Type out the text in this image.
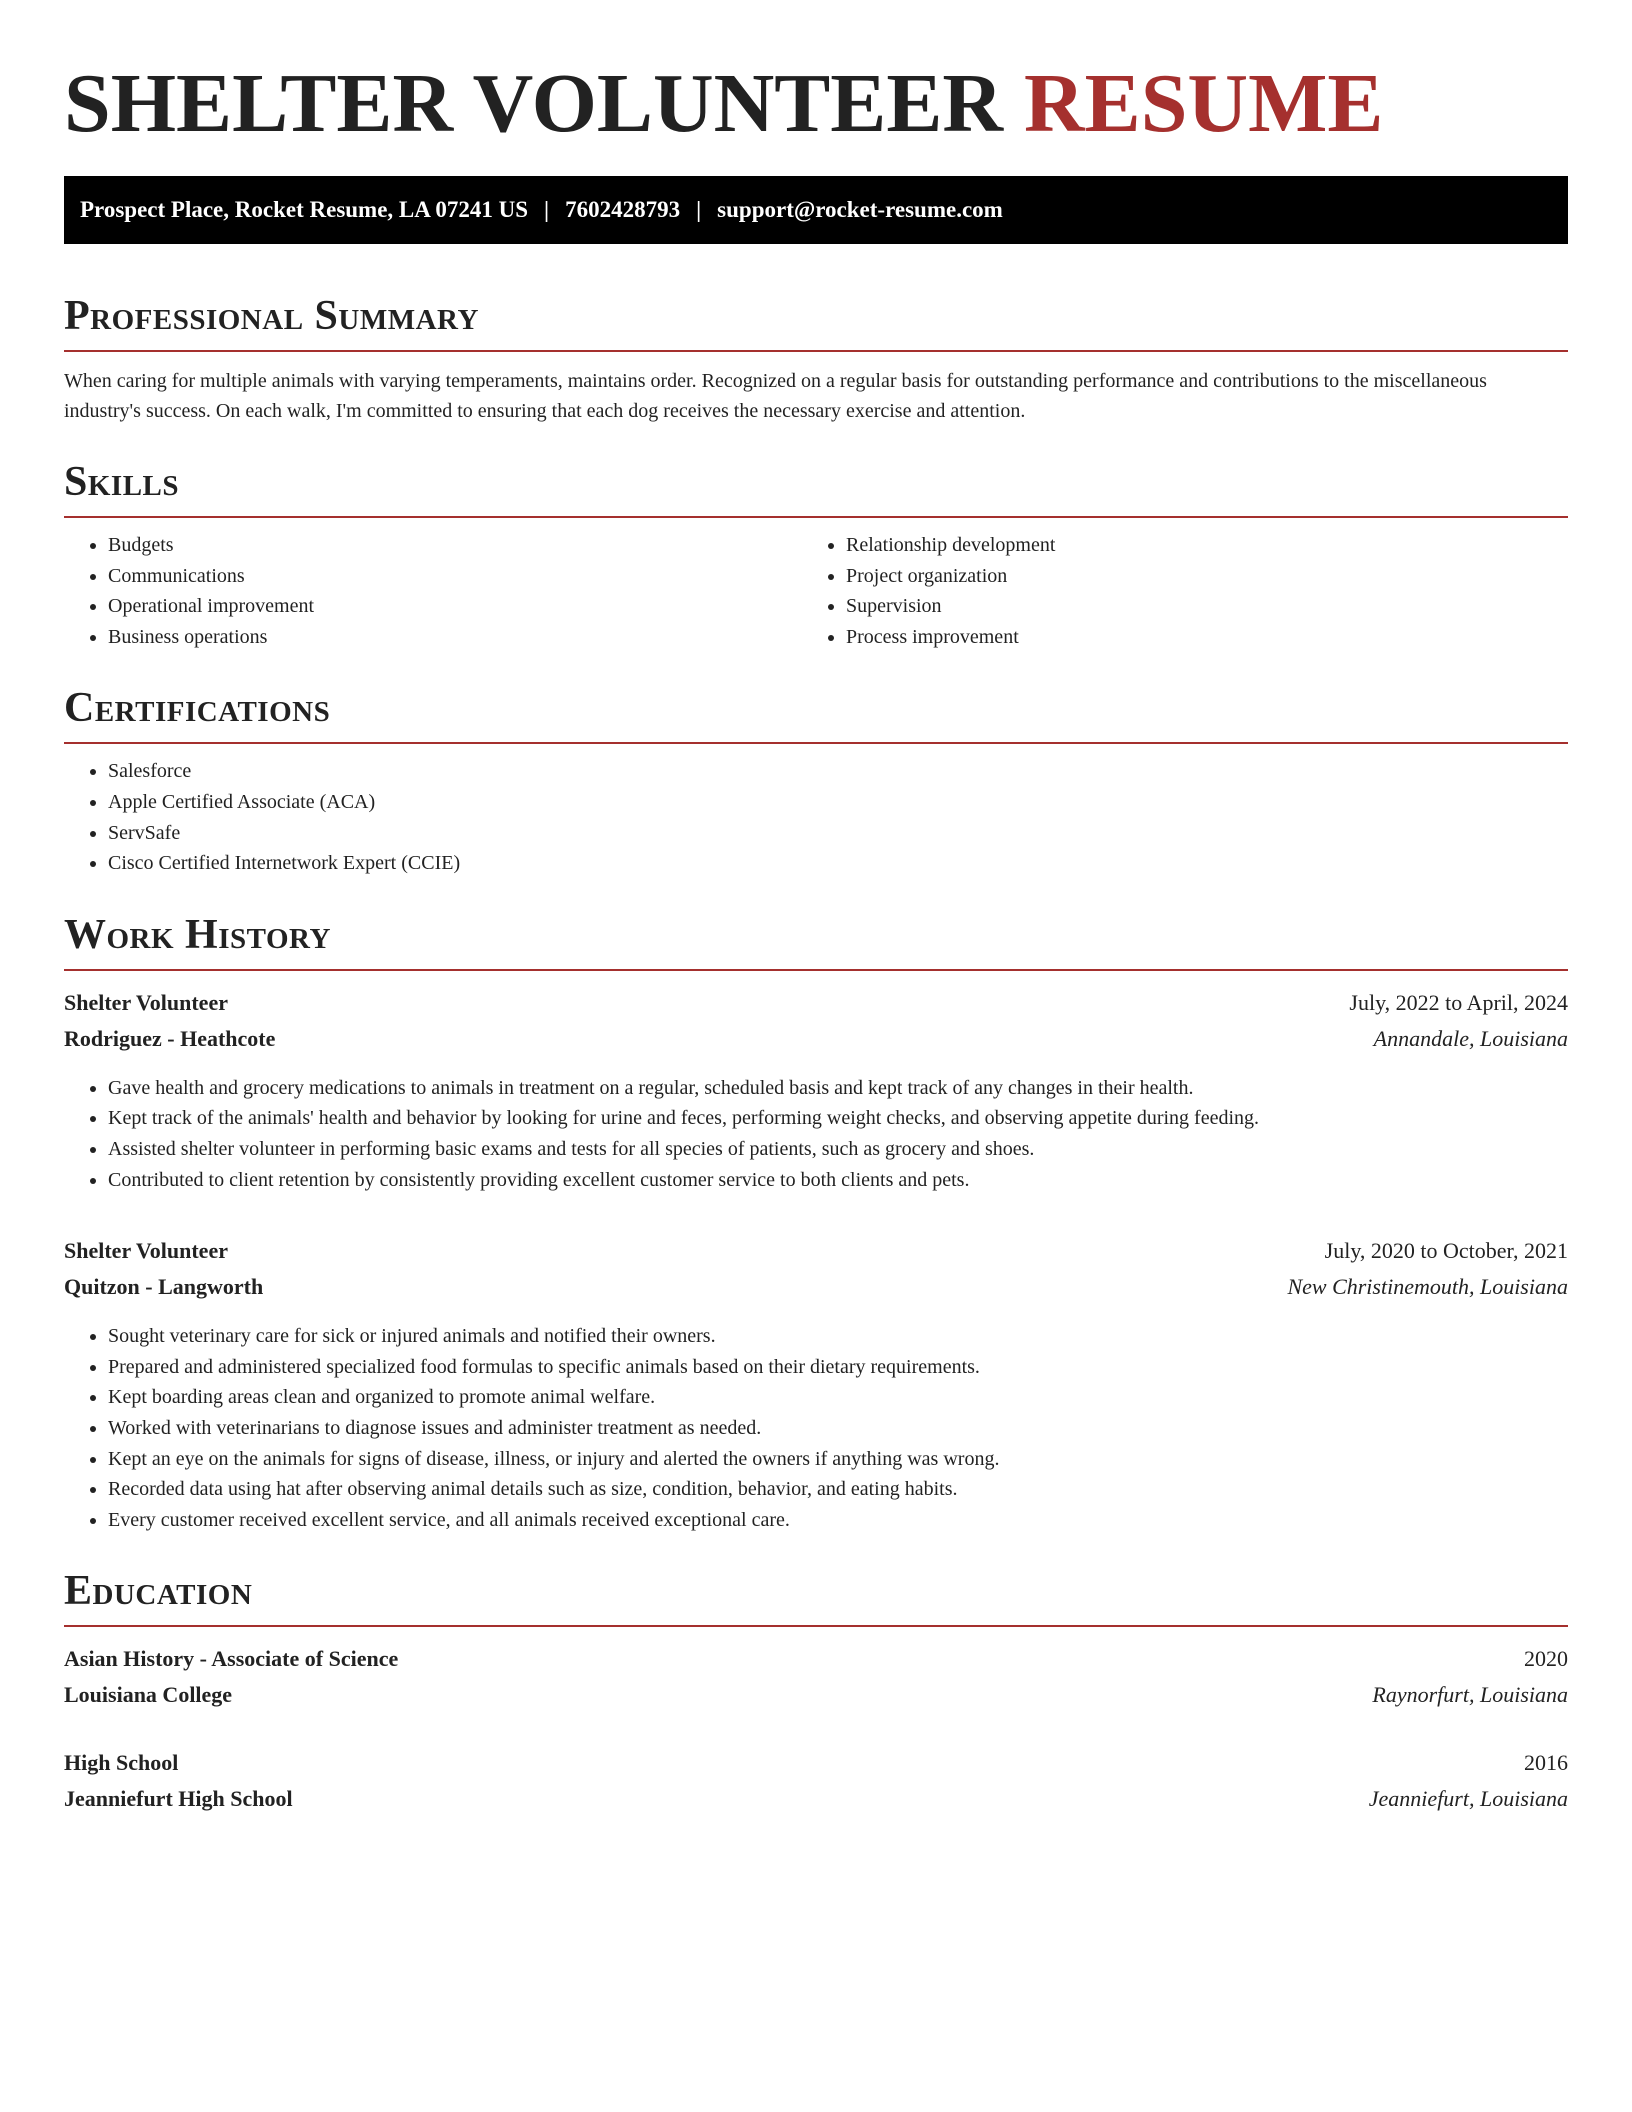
SHELTER VOLUNTEER RESUME
Prospect Place, Rocket Resume, LA 07241 US | 7602428793 | support@rocket-resume.com
Professional Summary

When caring for multiple animals with varying temperaments, maintains order. Recognized on a regular basis for outstanding performance and contributions to the miscellaneous industry's success. On each walk, I'm committed to ensuring that each dog receives the necessary exercise and attention.

Skills
• Budgets
• Communications
• Operational improvement
• Business operations
• Relationship development
• Project organization
• Supervision
• Process improvement
Certifications
• Salesforce
• Apple Certified Associate (ACA)
• ServSafe
• Cisco Certified Internetwork Expert (CCIE)
Work History
Shelter Volunteer	July, 2022 to April, 2024
Rodriguez - Heathcote	Annandale, Louisiana
• Gave health and grocery medications to animals in treatment on a regular, scheduled basis and kept track of any changes in their health.
• Kept track of the animals' health and behavior by looking for urine and feces, performing weight checks, and observing appetite during feeding.
• Assisted shelter volunteer in performing basic exams and tests for all species of patients, such as grocery and shoes.
• Contributed to client retention by consistently providing excellent customer service to both clients and pets.
Shelter Volunteer	July, 2020 to October, 2021
Quitzon - Langworth	New Christinemouth, Louisiana
• Sought veterinary care for sick or injured animals and notified their owners.
• Prepared and administered specialized food formulas to specific animals based on their dietary requirements.
• Kept boarding areas clean and organized to promote animal welfare.
• Worked with veterinarians to diagnose issues and administer treatment as needed.
• Kept an eye on the animals for signs of disease, illness, or injury and alerted the owners if anything was wrong.
• Recorded data using hat after observing animal details such as size, condition, behavior, and eating habits.
• Every customer received excellent service, and all animals received exceptional care.
Education
Asian History - Associate of Science	2020
Louisiana College	Raynorfurt, Louisiana
High School	2016
Jeanniefurt High School	Jeanniefurt, Louisiana
